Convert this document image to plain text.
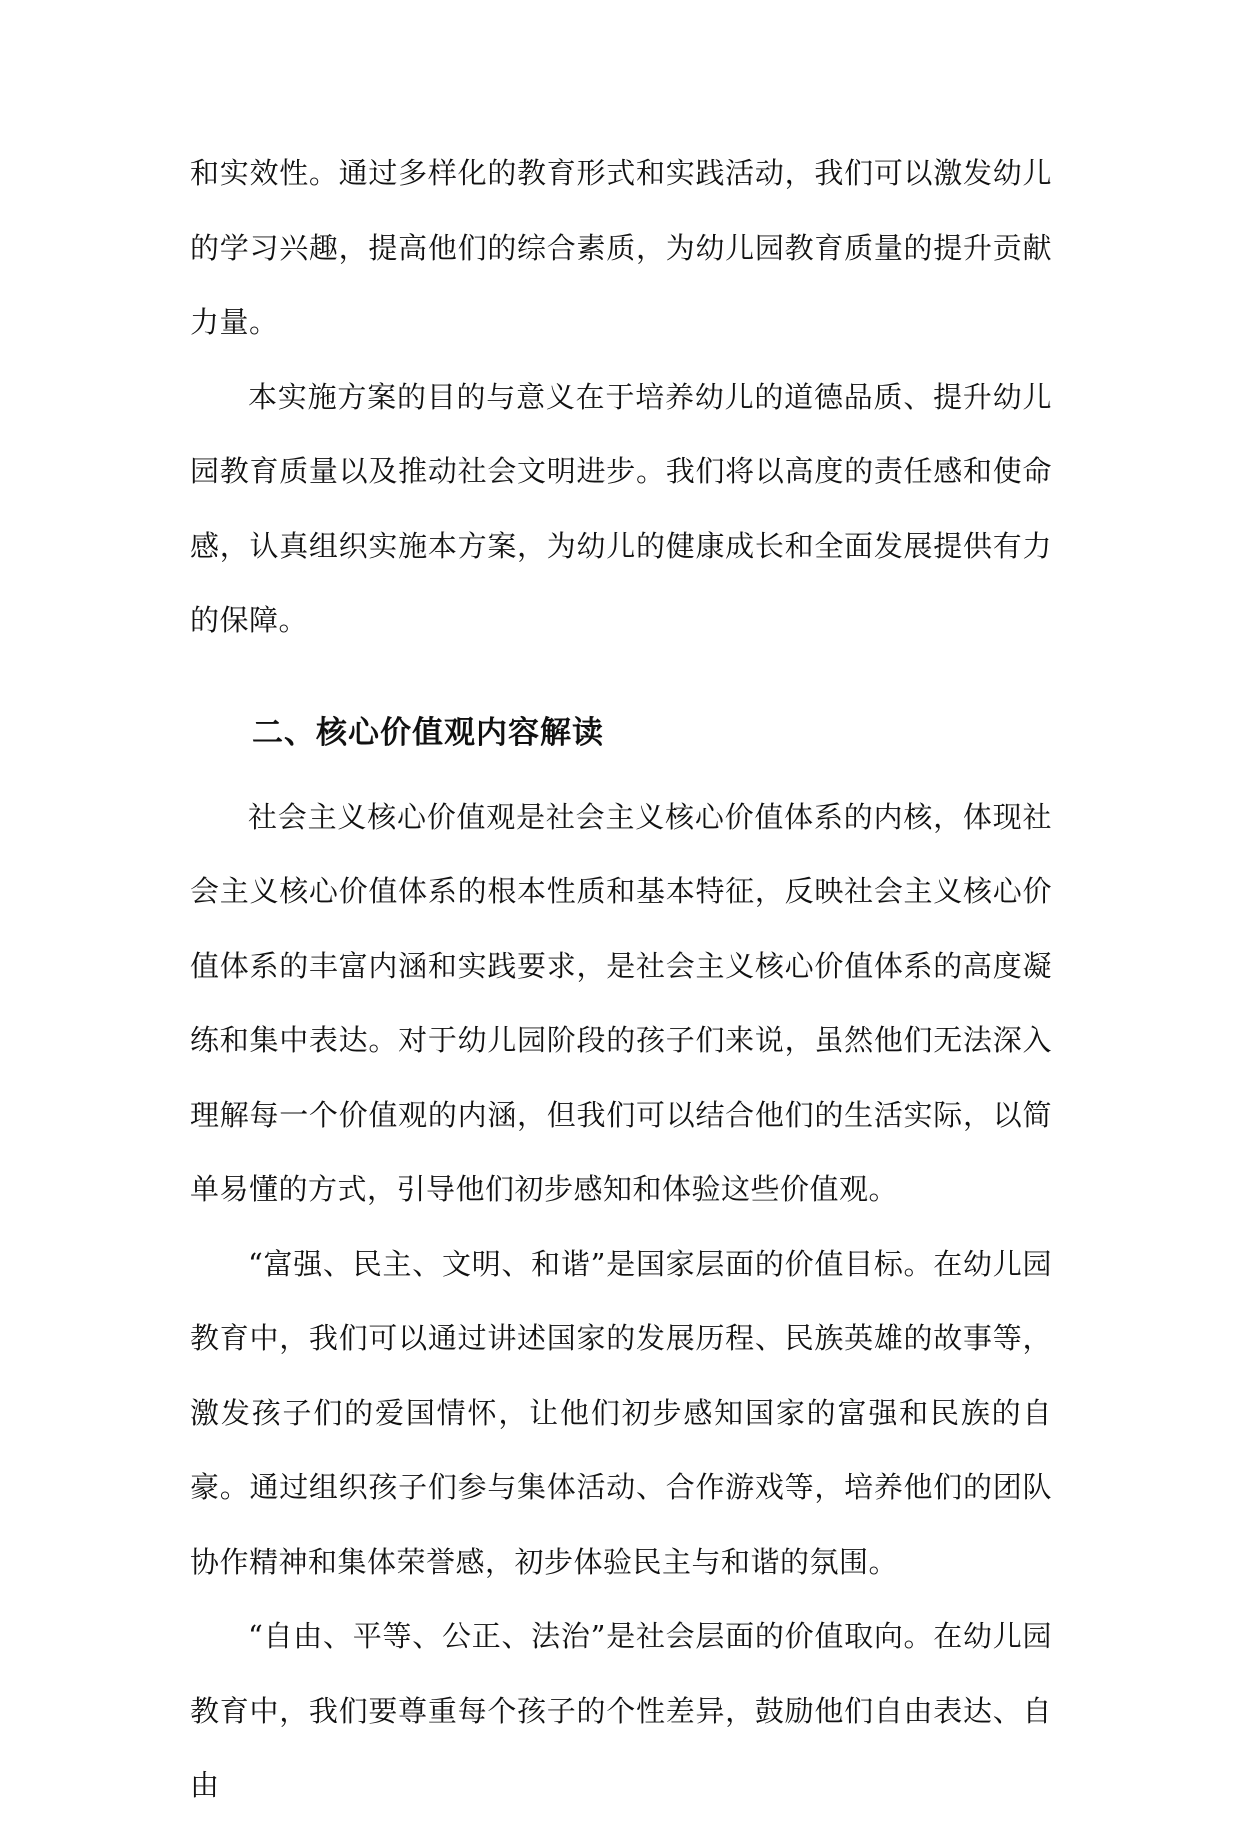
和实效性。通过多样化的教育形式和实践活动，我们可以激发幼儿的学习兴趣，提高他们的综合素质，为幼儿园教育质量的提升贡献力量。

本实施方案的目的与意义在于培养幼儿的道德品质、提升幼儿园教育质量以及推动社会文明进步。我们将以高度的责任感和使命感，认真组织实施本方案，为幼儿的健康成长和全面发展提供有力的保障。

二、核心价值观内容解读

社会主义核心价值观是社会主义核心价值体系的内核，体现社会主义核心价值体系的根本性质和基本特征，反映社会主义核心价值体系的丰富内涵和实践要求，是社会主义核心价值体系的高度凝练和集中表达。对于幼儿园阶段的孩子们来说，虽然他们无法深入理解每一个价值观的内涵，但我们可以结合他们的生活实际，以简单易懂的方式，引导他们初步感知和体验这些价值观。

“富强、民主、文明、和谐”是国家层面的价值目标。在幼儿园教育中，我们可以通过讲述国家的发展历程、民族英雄的故事等，激发孩子们的爱国情怀，让他们初步感知国家的富强和民族的自豪。通过组织孩子们参与集体活动、合作游戏等，培养他们的团队协作精神和集体荣誉感，初步体验民主与和谐的氛围。

“自由、平等、公正、法治”是社会层面的价值取向。在幼儿园教育中，我们要尊重每个孩子的个性差异，鼓励他们自由表达、自由
